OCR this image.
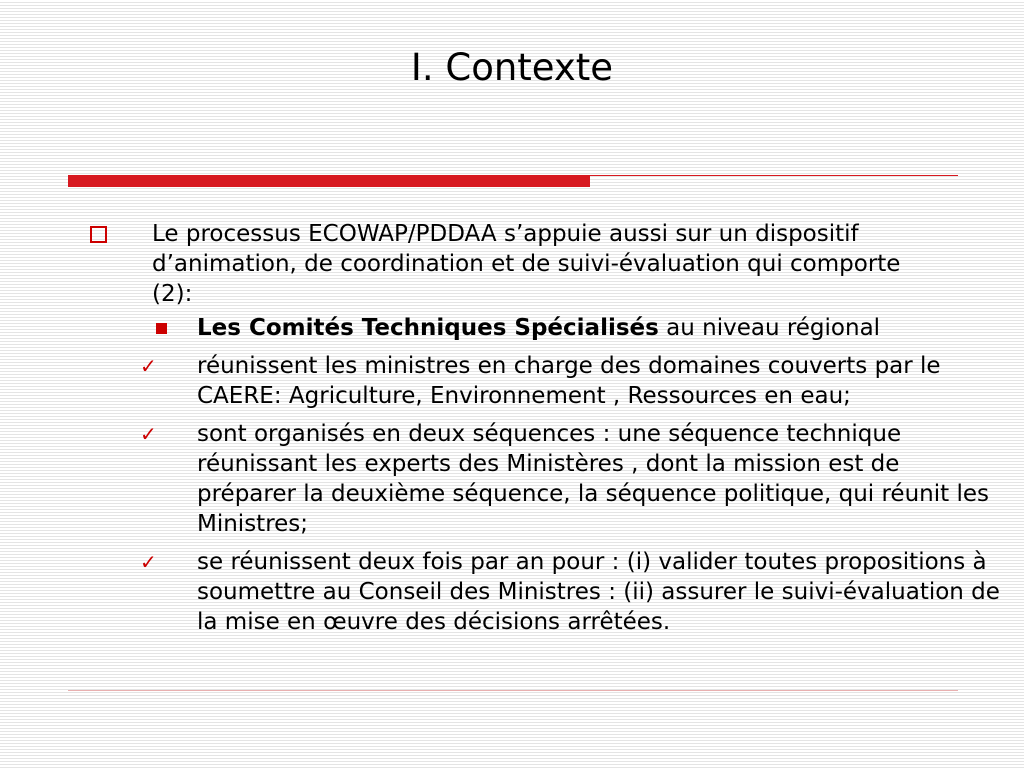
I. Contexte
Le processus ECOWAP/PDDAA s’appuie aussi sur un dispositif d’animation, de coordination et de suivi-évaluation qui comporte (2):
Les Comités Techniques Spécialisés au niveau régional
✓ réunissent les ministres en charge des domaines couverts par le CAERE: Agriculture, Environnement , Ressources en eau;
✓ sont organisés en deux séquences : une séquence technique réunissant les experts des Ministères , dont la mission est de préparer la deuxième séquence, la séquence politique, qui réunit les Ministres;
✓ se réunissent deux fois par an pour : (i) valider toutes propositions à soumettre au Conseil des Ministres : (ii) assurer le suivi-évaluation de la mise en œuvre des décisions arrêtées.
